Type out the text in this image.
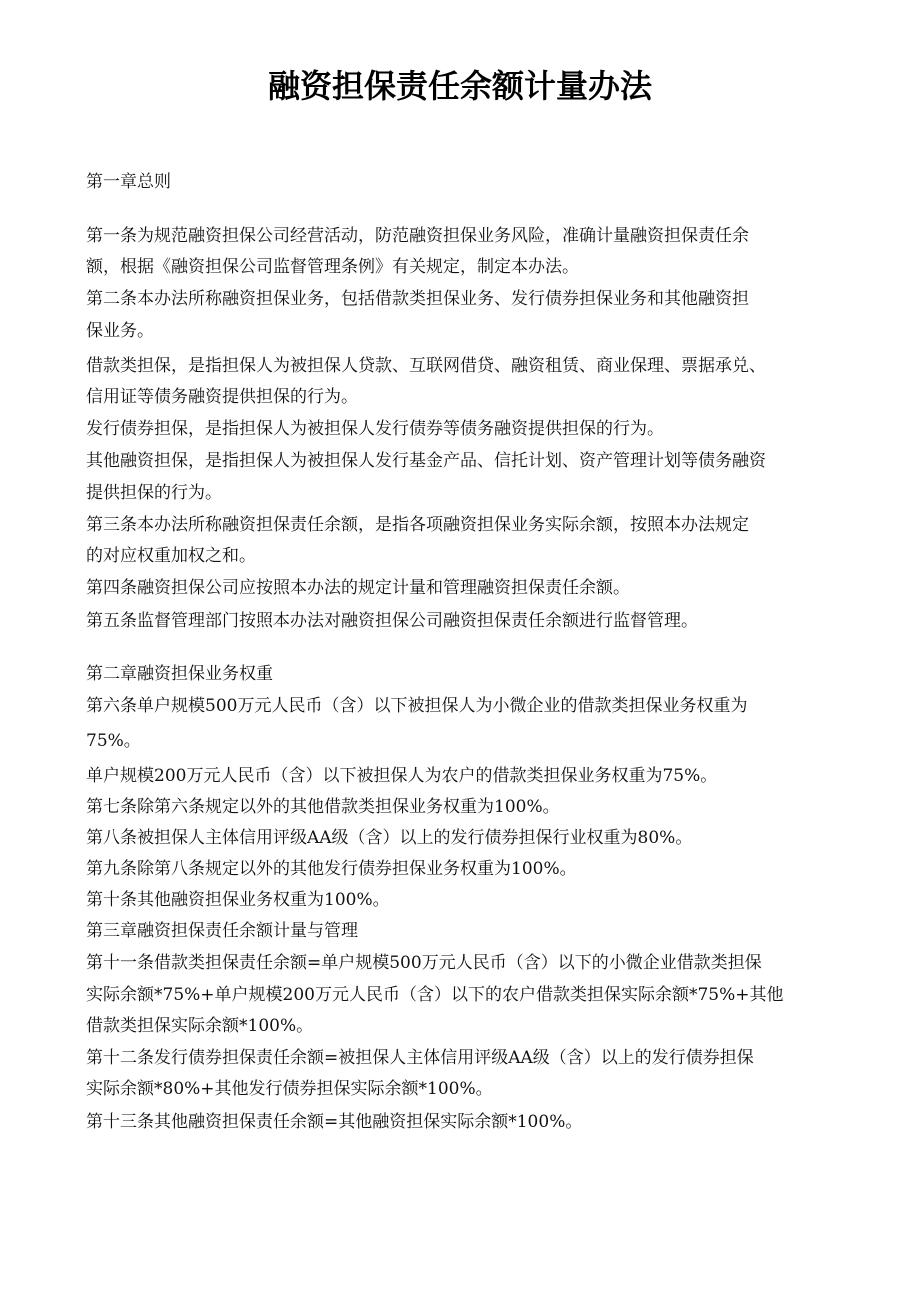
融资担保责任余额计量办法
第一章总则
第一条为规范融资担保公司经营活动，防范融资担保业务风险，准确计量融资担保责任余
额，根据《融资担保公司监督管理条例》有关规定，制定本办法。
第二条本办法所称融资担保业务，包括借款类担保业务、发行债券担保业务和其他融资担
保业务。
借款类担保，是指担保人为被担保人贷款、互联网借贷、融资租赁、商业保理、票据承兑、
信用证等债务融资提供担保的行为。
发行债券担保，是指担保人为被担保人发行债券等债务融资提供担保的行为。
其他融资担保，是指担保人为被担保人发行基金产品、信托计划、资产管理计划等债务融资
提供担保的行为。
第三条本办法所称融资担保责任余额，是指各项融资担保业务实际余额，按照本办法规定
的对应权重加权之和。
第四条融资担保公司应按照本办法的规定计量和管理融资担保责任余额。
第五条监督管理部门按照本办法对融资担保公司融资担保责任余额进行监督管理。
第二章融资担保业务权重
第六条单户规模500万元人民币（含）以下被担保人为小微企业的借款类担保业务权重为
75%。
单户规模200万元人民币（含）以下被担保人为农户的借款类担保业务权重为75%。
第七条除第六条规定以外的其他借款类担保业务权重为100%。
第八条被担保人主体信用评级AA级（含）以上的发行债券担保行业权重为80%。
第九条除第八条规定以外的其他发行债券担保业务权重为100%。
第十条其他融资担保业务权重为100%。
第三章融资担保责任余额计量与管理
第十一条借款类担保责任余额=单户规模500万元人民币（含）以下的小微企业借款类担保
实际余额*75%+单户规模200万元人民币（含）以下的农户借款类担保实际余额*75%+其他
借款类担保实际余额*100%。
第十二条发行债券担保责任余额=被担保人主体信用评级AA级（含）以上的发行债券担保
实际余额*80%+其他发行债券担保实际余额*100%。
第十三条其他融资担保责任余额=其他融资担保实际余额*100%。
